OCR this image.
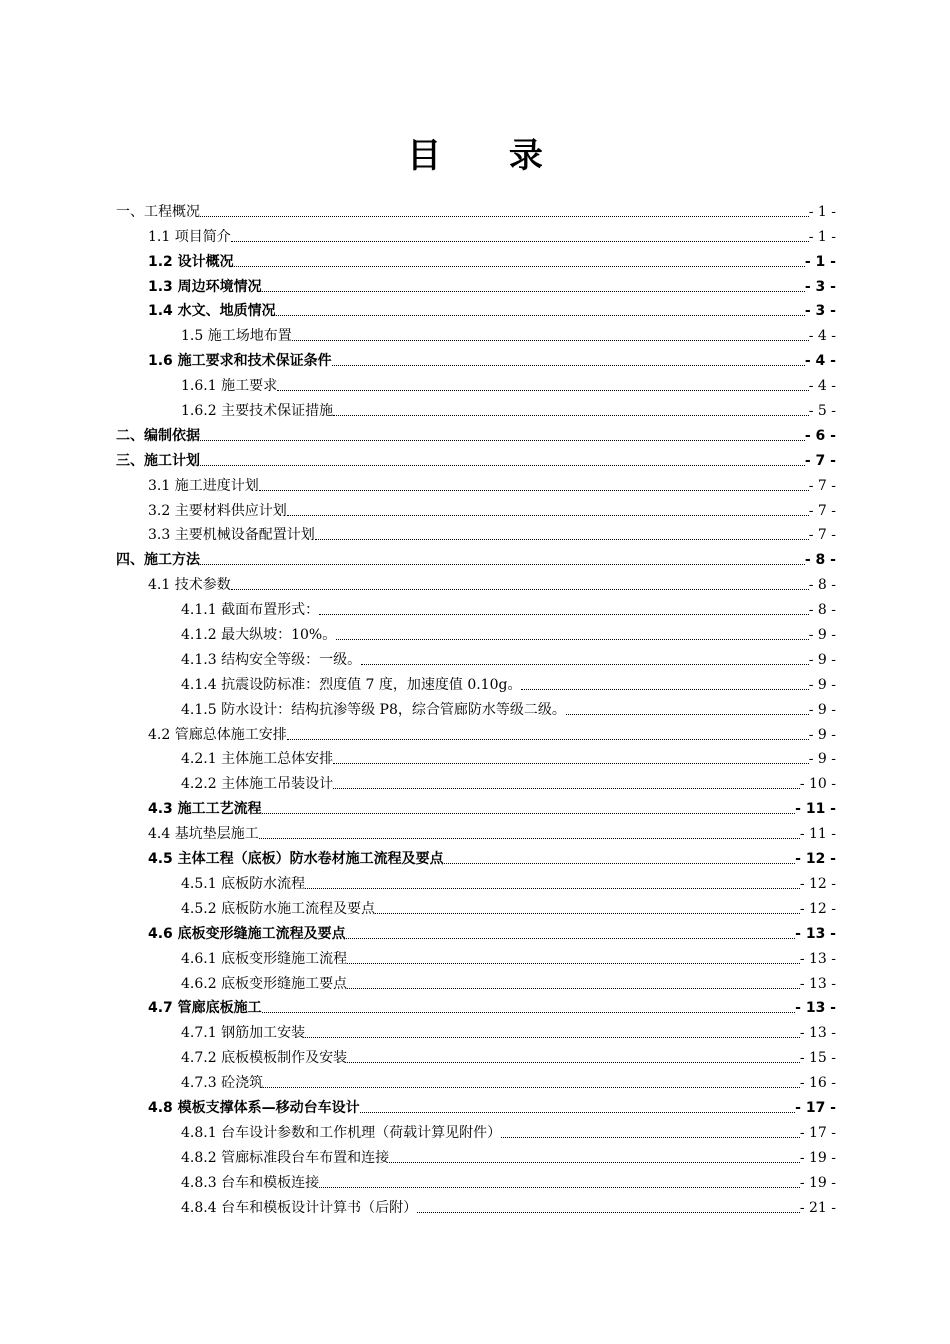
目 录
一、工程概况	- 1 -
1.1 项目简介	- 1 -
1.2 设计概况	- 1 -
1.3 周边环境情况	- 3 -
1.4 水文、地质情况	- 3 -
1.5 施工场地布置	- 4 -
1.6 施工要求和技术保证条件	- 4 -
1.6.1 施工要求	- 4 -
1.6.2 主要技术保证措施	- 5 -
二、编制依据	- 6 -
三、施工计划	- 7 -
3.1 施工进度计划	- 7 -
3.2 主要材料供应计划	- 7 -
3.3 主要机械设备配置计划	- 7 -
四、施工方法	- 8 -
4.1 技术参数	- 8 -
4.1.1 截面布置形式：	- 8 -
4.1.2 最大纵坡：10%。	- 9 -
4.1.3 结构安全等级：一级。	- 9 -
4.1.4 抗震设防标准：烈度值 7 度，加速度值 0.10g。	- 9 -
4.1.5 防水设计：结构抗渗等级 P8，综合管廊防水等级二级。	- 9 -
4.2 管廊总体施工安排	- 9 -
4.2.1 主体施工总体安排	- 9 -
4.2.2 主体施工吊装设计	- 10 -
4.3 施工工艺流程	- 11 -
4.4 基坑垫层施工	- 11 -
4.5 主体工程（底板）防水卷材施工流程及要点	- 12 -
4.5.1 底板防水流程	- 12 -
4.5.2 底板防水施工流程及要点	- 12 -
4.6 底板变形缝施工流程及要点	- 13 -
4.6.1 底板变形缝施工流程	- 13 -
4.6.2 底板变形缝施工要点	- 13 -
4.7 管廊底板施工	- 13 -
4.7.1 钢筋加工安装	- 13 -
4.7.2 底板模板制作及安装	- 15 -
4.7.3 砼浇筑	- 16 -
4.8 模板支撑体系—移动台车设计	- 17 -
4.8.1 台车设计参数和工作机理（荷载计算见附件）	- 17 -
4.8.2 管廊标准段台车布置和连接	- 19 -
4.8.3 台车和模板连接	- 19 -
4.8.4 台车和模板设计计算书（后附）	- 21 -
